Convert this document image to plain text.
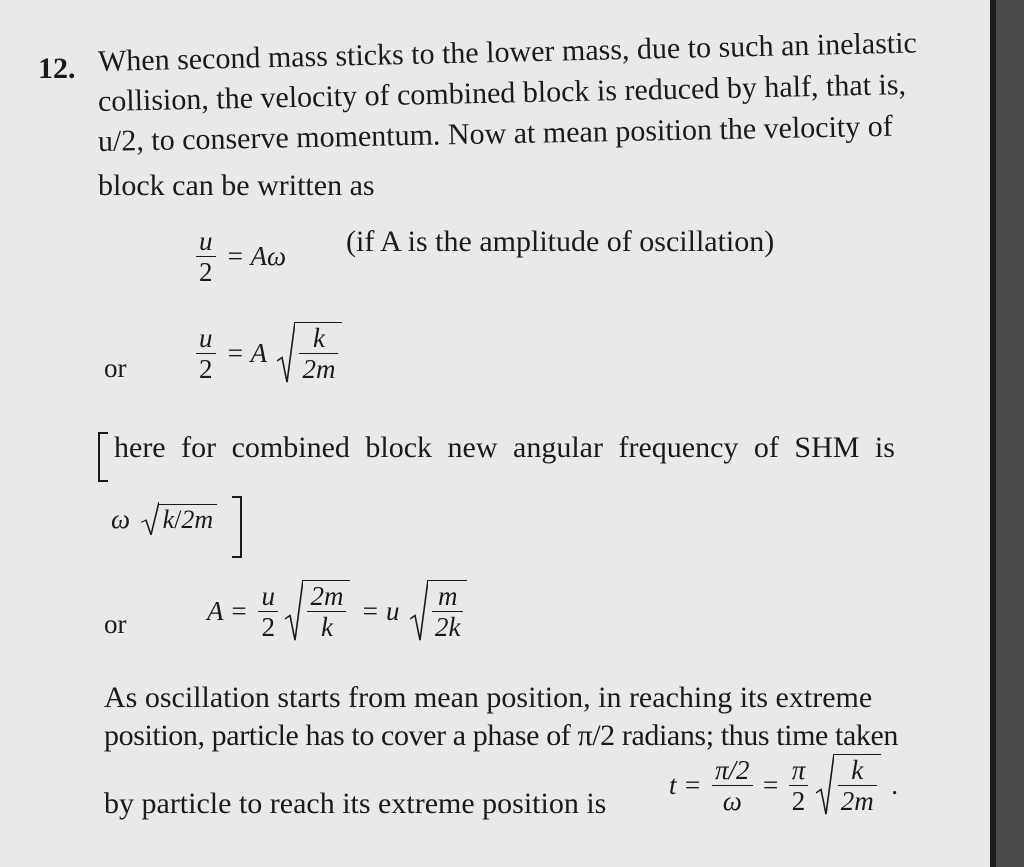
12. When second mass sticks to the lower mass, due to such an inelastic
collision, the velocity of combined block is reduced by half, that is,
u/2, to conserve momentum. Now at mean position the velocity of
block can be written as
$\frac{u}{2} = A\omega$ (if A is the amplitude of oscillation)
or	$\frac{u}{2} = A \frac{k}{2m}$
here for combined block new angular frequency of SHM is
ω k/2m
or	$A = \frac{u}{2}$
$\frac{2m}{k} = u \frac{m}{2k}$
As oscillation starts from mean position, in reaching its extreme
position, particle has to cover a phase of π/2 radians; thus time taken
by particle to reach its extreme position is
$t = \frac{\pi/2}{\omega} = \frac{\pi}{2}$
$\frac{k}{2m}$ .
